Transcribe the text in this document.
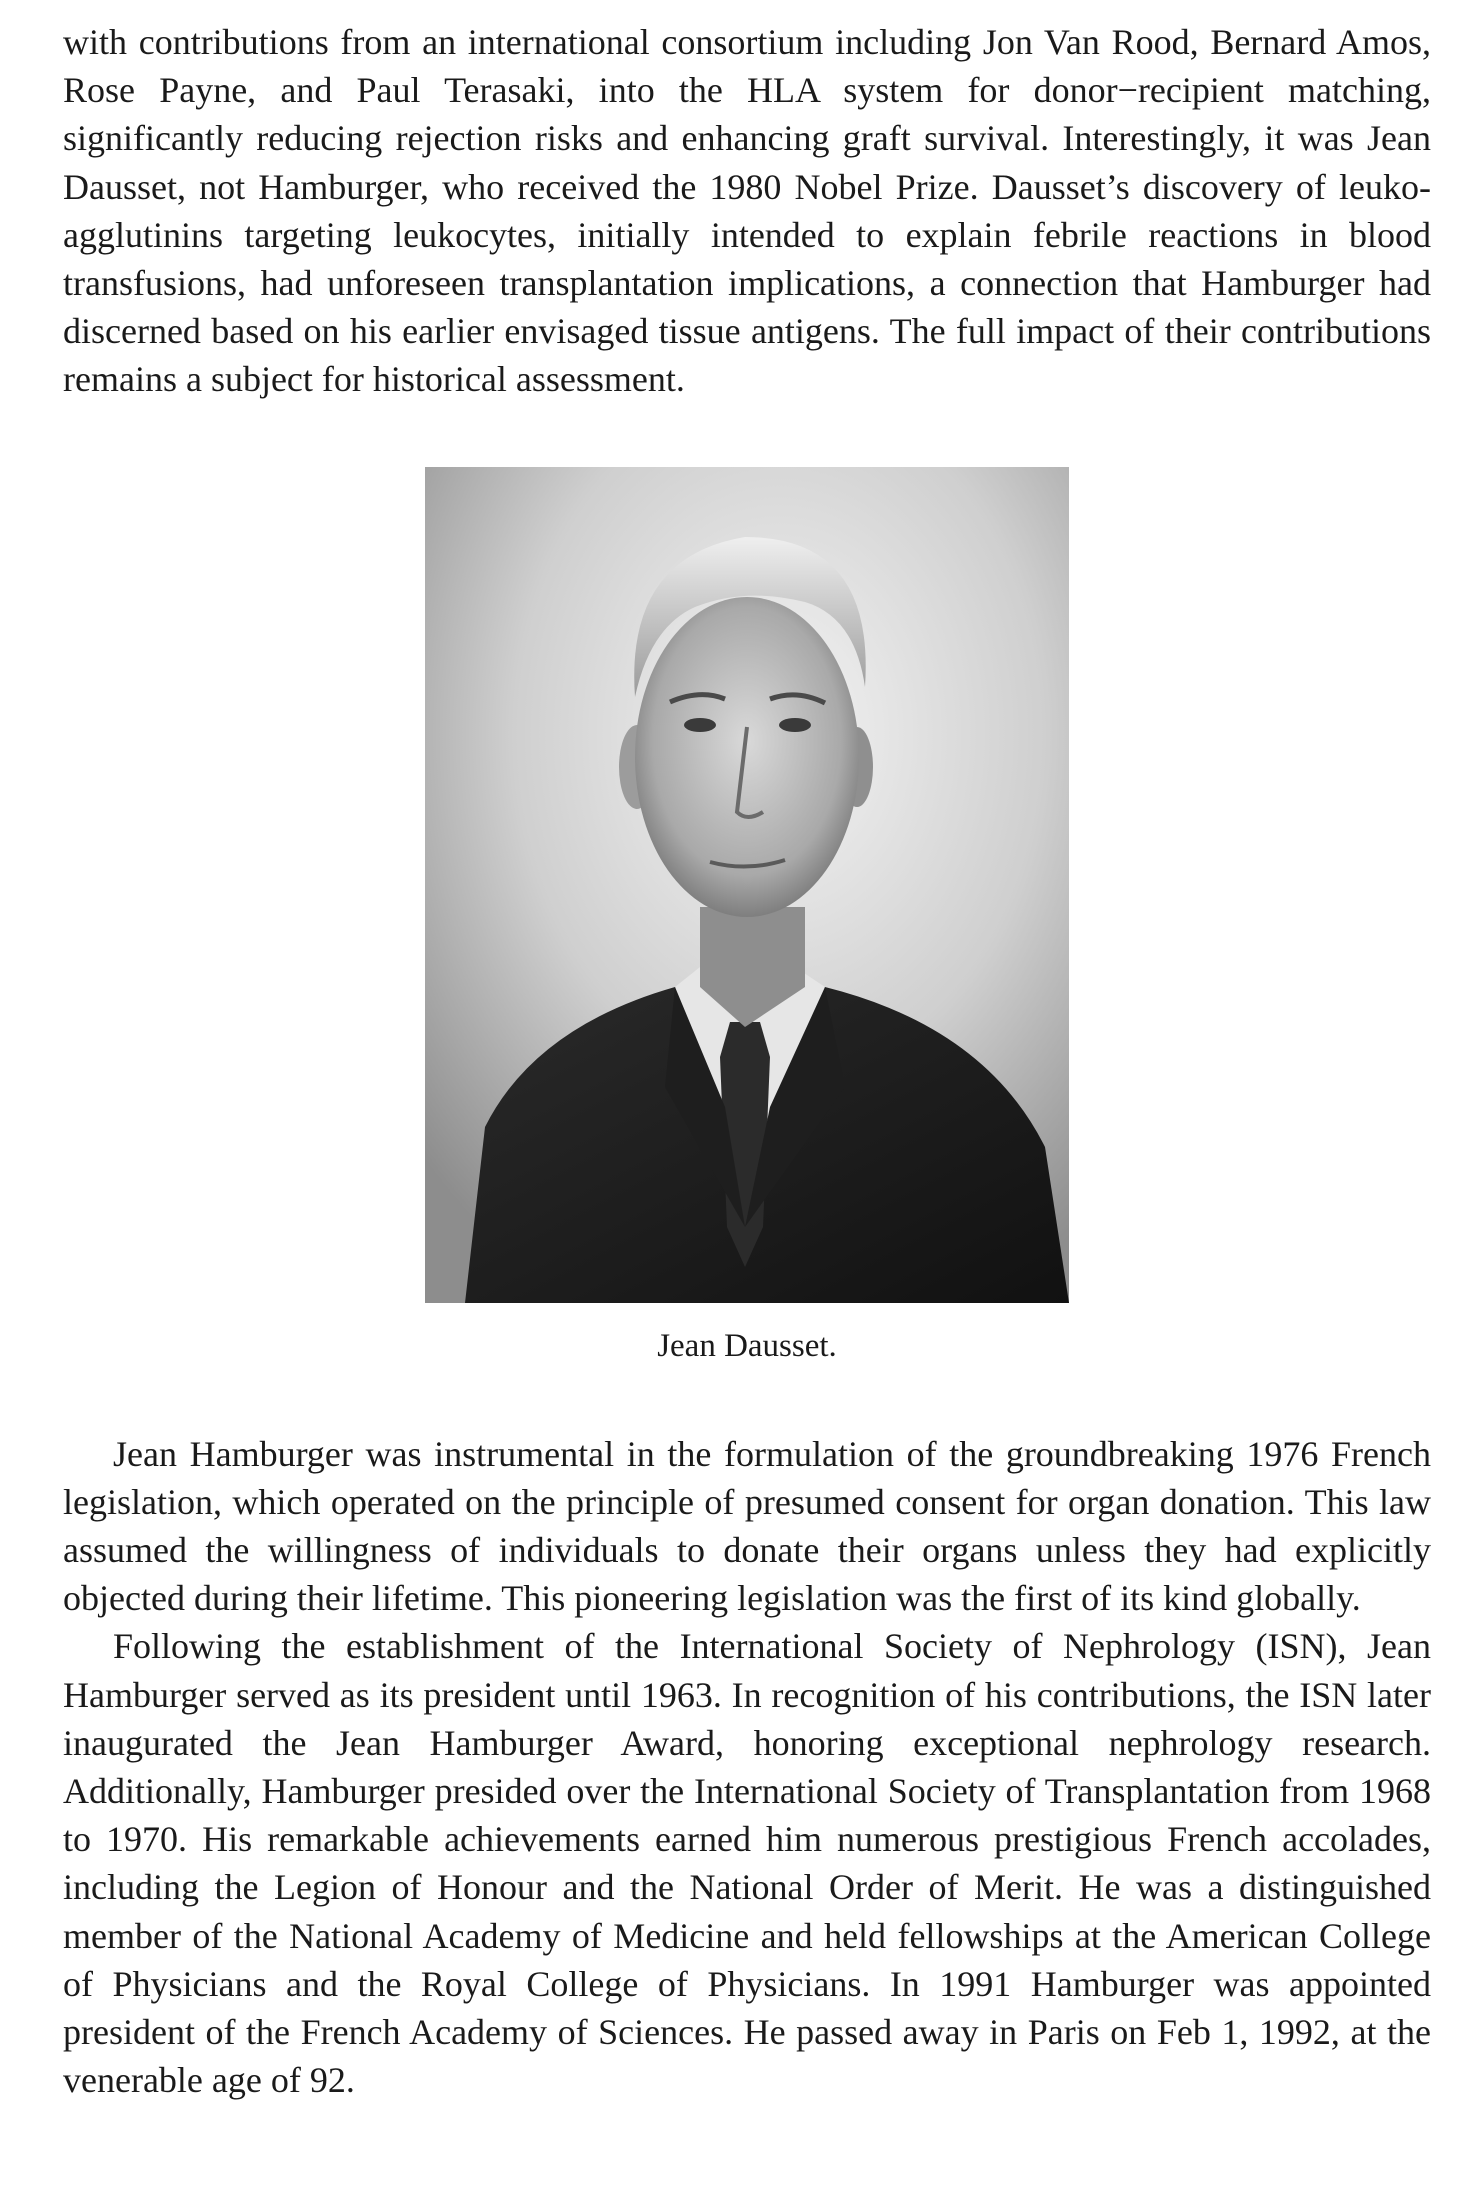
with contributions from an international consortium including Jon Van Rood, Bernard Amos, Rose Payne, and Paul Terasaki, into the HLA system for donor−recipient matching, significantly reducing rejection risks and enhancing graft survival. Interestingly, it was Jean Dausset, not Hamburger, who received the 1980 Nobel Prize. Dausset’s discovery of leuko-agglutinins targeting leukocytes, initially intended to explain febrile reactions in blood transfusions, had unforeseen transplantation implications, a connection that Hamburger had discerned based on his earlier envisaged tissue antigens. The full impact of their contributions remains a subject for historical assessment.

Jean Dausset.

Jean Hamburger was instrumental in the formulation of the groundbreaking 1976 French legislation, which operated on the principle of presumed consent for organ donation. This law assumed the willingness of individuals to donate their organs unless they had explicitly objected during their lifetime. This pioneering legislation was the first of its kind globally.

Following the establishment of the International Society of Nephrology (ISN), Jean Hamburger served as its president until 1963. In recognition of his contributions, the ISN later inaugurated the Jean Hamburger Award, honoring exceptional nephrology research. Additionally, Hamburger presided over the International Society of Transplantation from 1968 to 1970. His remarkable achievements earned him numerous prestigious French accolades, including the Legion of Honour and the National Order of Merit. He was a distinguished member of the National Academy of Medicine and held fellowships at the American College of Physicians and the Royal College of Physicians. In 1991 Hamburger was appointed president of the French Academy of Sciences. He passed away in Paris on Feb 1, 1992, at the venerable age of 92.
